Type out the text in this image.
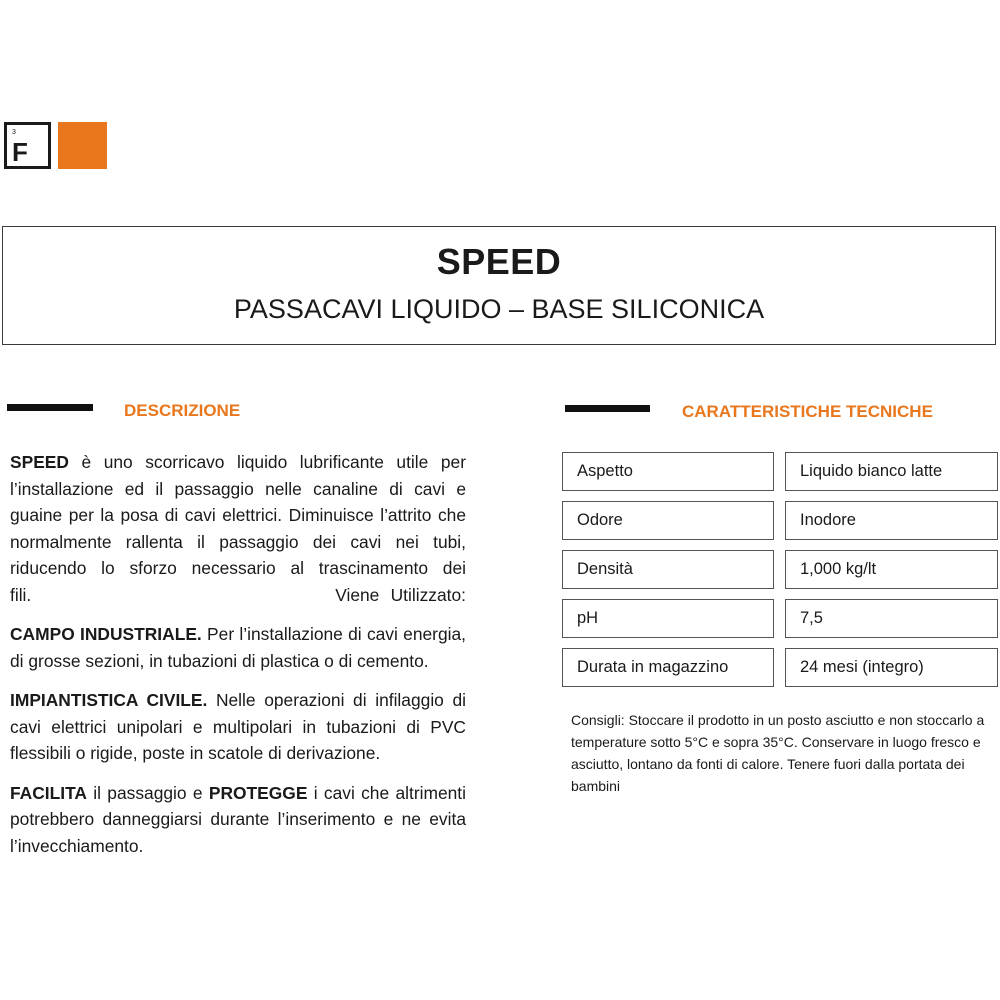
3
F
SPEED
PASSACAVI LIQUIDO – BASE SILICONICA
DESCRIZIONE	CARATTERISTICHE TECNICHE

SPEED è uno scorricavo liquido lubrificante utile per l’installazione ed il passaggio nelle canaline di cavi e guaine per la posa di cavi elettrici. Diminuisce l’attrito che normalmente rallenta il passaggio dei cavi nei tubi, riducendo lo sforzo necessario al trascinamento dei fili.                           Viene Utilizzato:

CAMPO INDUSTRIALE. Per l’installazione di cavi energia, di grosse sezioni, in tubazioni di plastica o di cemento.

IMPIANTISTICA CIVILE. Nelle operazioni di infilaggio di cavi elettrici unipolari e multipolari in tubazioni di PVC flessibili o rigide, poste in scatole di derivazione.

FACILITA il passaggio e PROTEGGE i cavi che altrimenti potrebbero danneggiarsi durante l’inserimento e ne evita l’invecchiamento.

Aspetto	Liquido bianco latte
Odore	Inodore
Densità	1,000 kg/lt
pH	7,5
Durata in magazzino	24 mesi (integro)
Consigli: Stoccare il prodotto in un posto asciutto e non stoccarlo a temperature sotto 5°C e sopra 35°C. Conservare in luogo fresco e asciutto, lontano da fonti di calore. Tenere fuori dalla portata dei bambini
